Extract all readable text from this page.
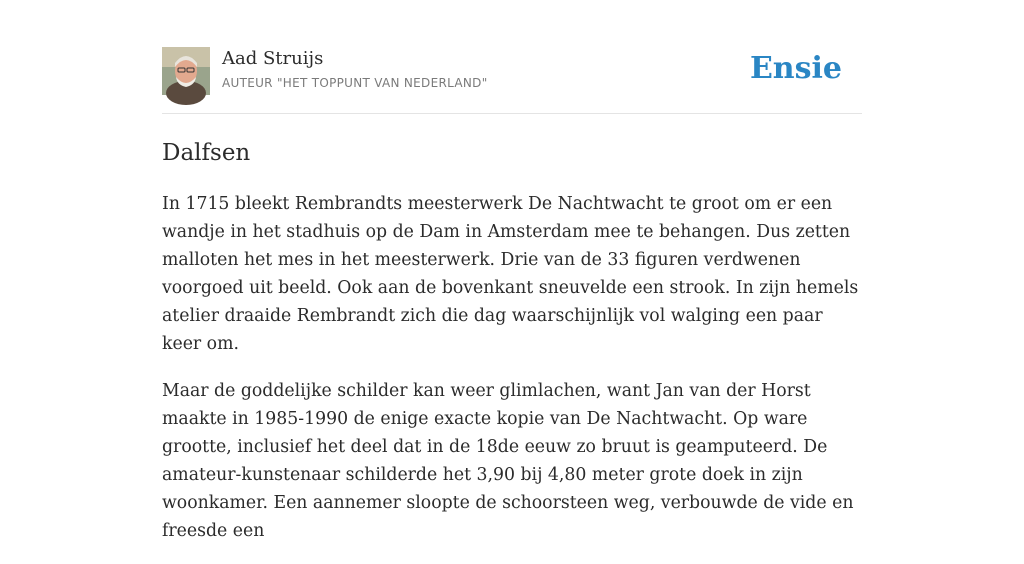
Aad Struijs
AUTEUR "HET TOPPUNT VAN NEDERLAND"	Ensie
Dalfsen

In 1715 bleekt Rembrandts meesterwerk De Nachtwacht te groot om er een wandje in het stadhuis op de Dam in Amsterdam mee te behangen. Dus zetten malloten het mes in het meesterwerk. Drie van de 33 figuren verdwenen voorgoed uit beeld. Ook aan de bovenkant sneuvelde een strook. In zijn hemels atelier draaide Rembrandt zich die dag waarschijnlijk vol walging een paar keer om.

Maar de goddelijke schilder kan weer glimlachen, want Jan van der Horst maakte in 1985-1990 de enige exacte kopie van De Nachtwacht. Op ware grootte, inclusief het deel dat in de 18de eeuw zo bruut is geamputeerd. De amateur-kunstenaar schilderde het 3,90 bij 4,80 meter grote doek in zijn woonkamer. Een aannemer sloopte de schoorsteen weg, verbouwde de vide en freesde een
